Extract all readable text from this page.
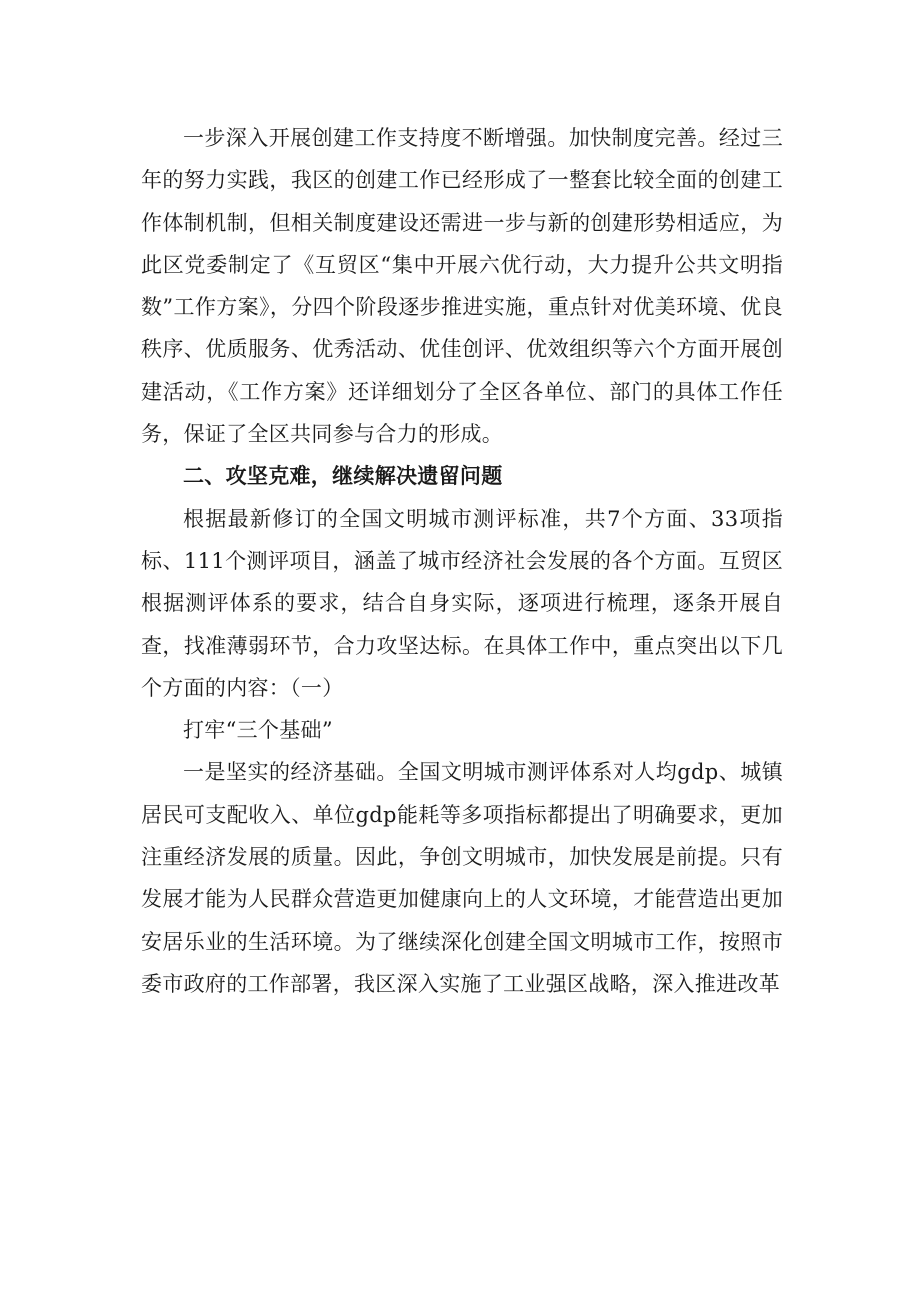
一步深入开展创建工作支持度不断增强。加快制度完善。经过三年的努力实践，我区的创建工作已经形成了一整套比较全面的创建工作体制机制，但相关制度建设还需进一步与新的创建形势相适应，为此区党委制定了《互贸区“集中开展六优行动，大力提升公共文明指数”工作方案》，分四个阶段逐步推进实施，重点针对优美环境、优良秩序、优质服务、优秀活动、优佳创评、优效组织等六个方面开展创建活动，《工作方案》还详细划分了全区各单位、部门的具体工作任务，保证了全区共同参与合力的形成。

二、攻坚克难，继续解决遗留问题

根据最新修订的全国文明城市测评标准，共7个方面、33项指标、111个测评项目，涵盖了城市经济社会发展的各个方面。互贸区根据测评体系的要求，结合自身实际，逐项进行梳理，逐条开展自查，找准薄弱环节，合力攻坚达标。在具体工作中，重点突出以下几个方面的内容：（一）

打牢“三个基础”

一是坚实的经济基础。全国文明城市测评体系对人均gdp、城镇居民可支配收入、单位gdp能耗等多项指标都提出了明确要求，更加注重经济发展的质量。因此，争创文明城市，加快发展是前提。只有发展才能为人民群众营造更加健康向上的人文环境，才能营造出更加安居乐业的生活环境。为了继续深化创建全国文明城市工作，按照市委市政府的工作部署，我区深入实施了工业强区战略，深入推进改革
